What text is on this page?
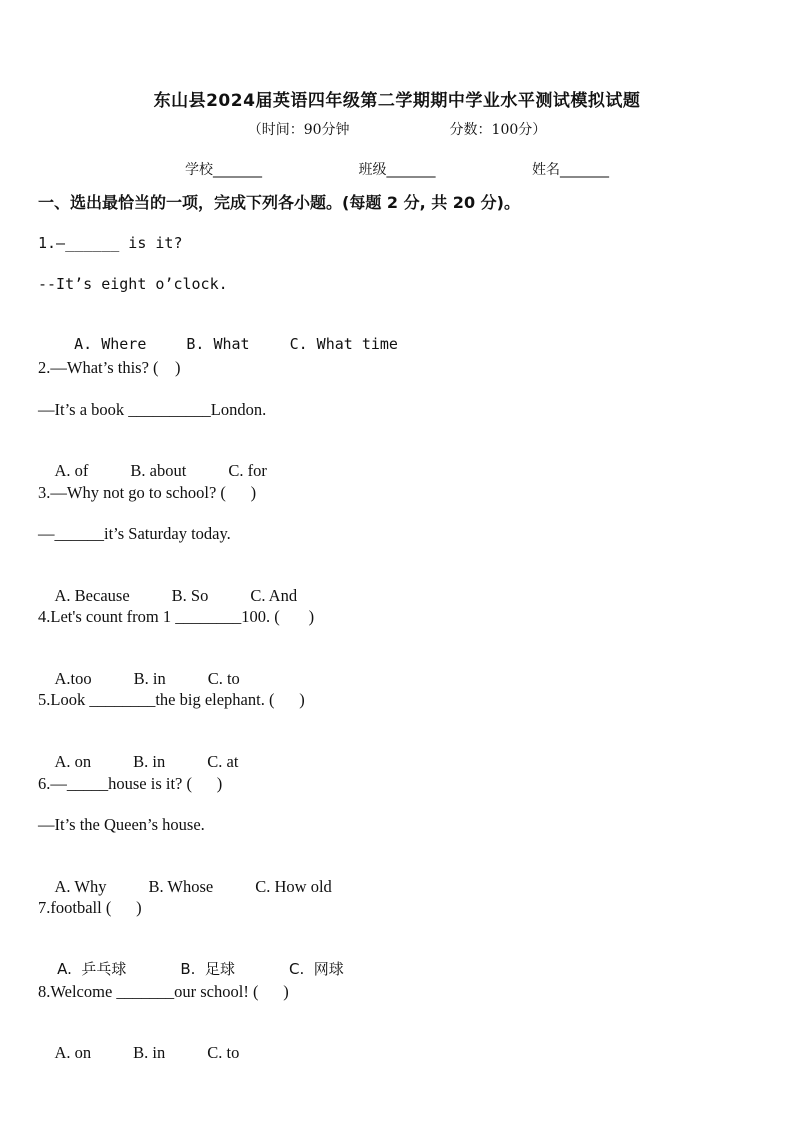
东山县2024届英语四年级第二学期期中学业水平测试模拟试题
（时间：90分钟	分数：100分）
学校_______	班级_______	姓名_______
一、选出最恰当的一项，完成下列各小题。(每题 2 分, 共 20 分)。
1.—______ is it?
--It’s eight o’clock.

A. Where	B. What	C. What time

2.—What’s this? (    )
—It’s a book __________London.

A. of	B. about	C. for

3.—Why not go to school? (      )
—______it’s Saturday today.

A. Because	B. So	C. And

4.Let's count from 1 ________100. (       )

A.too	B. in	C. to

5.Look ________the big elephant. (      )

A. on	B. in	C. at

6.—_____house is it? (      )
—It’s the Queen’s house.

A. Why	B. Whose	C. How old

7.football (      )

A.  乒乓球	B.  足球	C.  网球

8.Welcome _______our school! (      )

A. on	B. in	C. to
